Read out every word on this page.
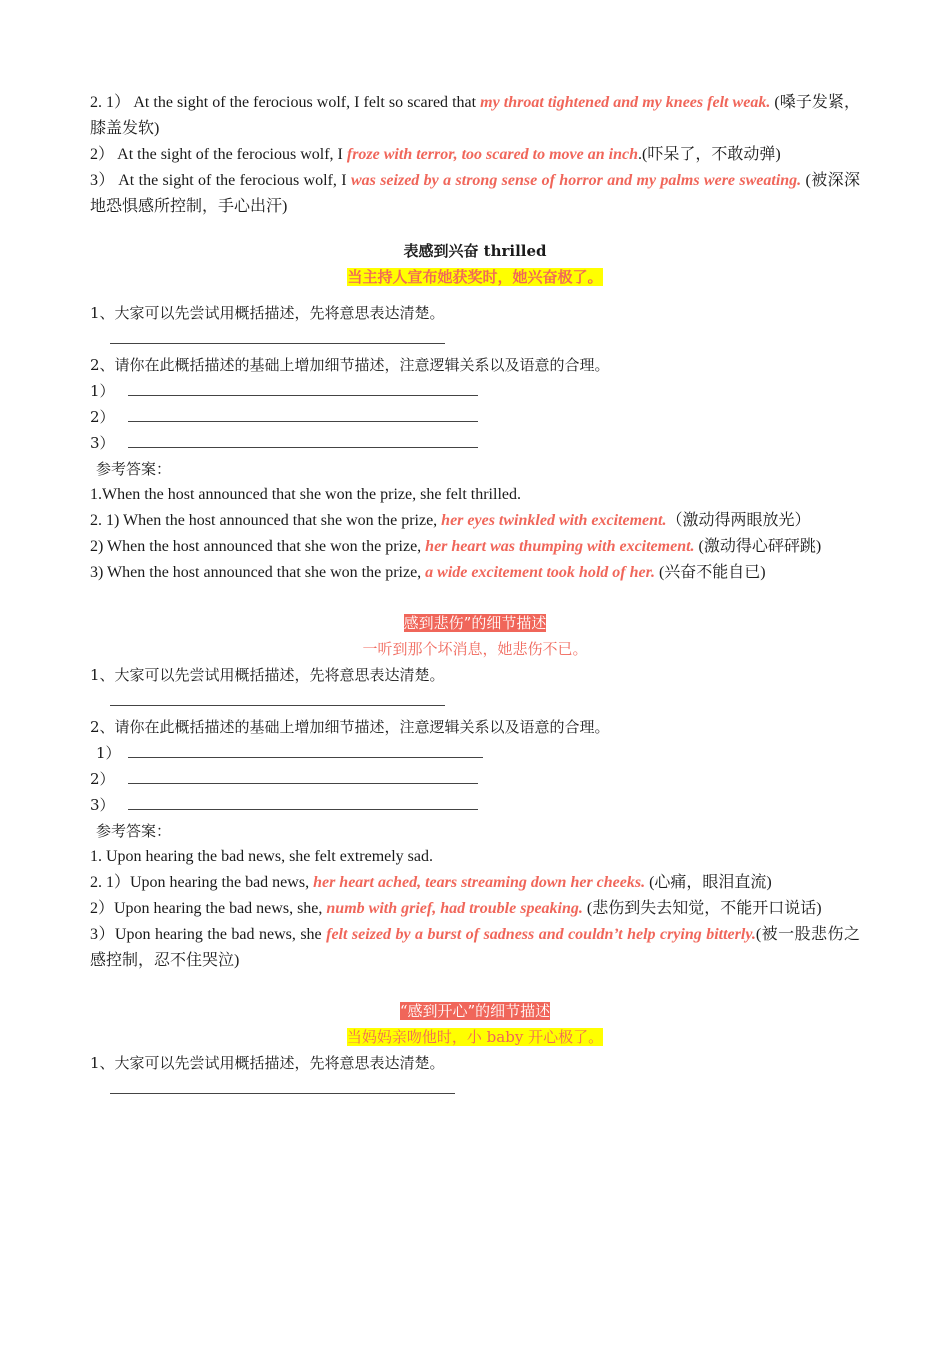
2. 1） At the sight of the ferocious wolf, I felt so scared that my throat tightened and my knees felt weak. (嗓子发紧，膝盖发软)
2） At the sight of the ferocious wolf, I froze with terror, too scared to move an inch.(吓呆了，不敢动弹)
3） At the sight of the ferocious wolf, I was seized by a strong sense of horror and my palms were sweating. (被深深地恐惧感所控制，手心出汗)
表感到兴奋 thrilled
当主持人宣布她获奖时，她兴奋极了。
1、大家可以先尝试用概括描述，先将意思表达清楚。
2、请你在此概括描述的基础上增加细节描述，注意逻辑关系以及语意的合理。
1）
2）
3）
参考答案：
1.When the host announced that she won the prize, she felt thrilled.
2. 1) When the host announced that she won the prize, her eyes twinkled with excitement.（激动得两眼放光）
2) When the host announced that she won the prize, her heart was thumping with excitement. (激动得心砰砰跳)
3) When the host announced that she won the prize, a wide excitement took hold of her. (兴奋不能自已)
感到悲伤”的细节描述
一听到那个坏消息，她悲伤不已。
1、大家可以先尝试用概括描述，先将意思表达清楚。
2、请你在此概括描述的基础上增加细节描述，注意逻辑关系以及语意的合理。
1）
2）
3）
参考答案：
1. Upon hearing the bad news, she felt extremely sad.
2. 1）Upon hearing the bad news, her heart ached, tears streaming down her cheeks. (心痛，眼泪直流)
2）Upon hearing the bad news, she, numb with grief, had trouble speaking. (悲伤到失去知觉，不能开口说话)
3）Upon hearing the bad news, she felt seized by a burst of sadness and couldn’t help crying bitterly.(被一股悲伤之感控制，忍不住哭泣)
“感到开心”的细节描述
当妈妈亲吻他时，小 baby 开心极了。
1、大家可以先尝试用概括描述，先将意思表达清楚。
